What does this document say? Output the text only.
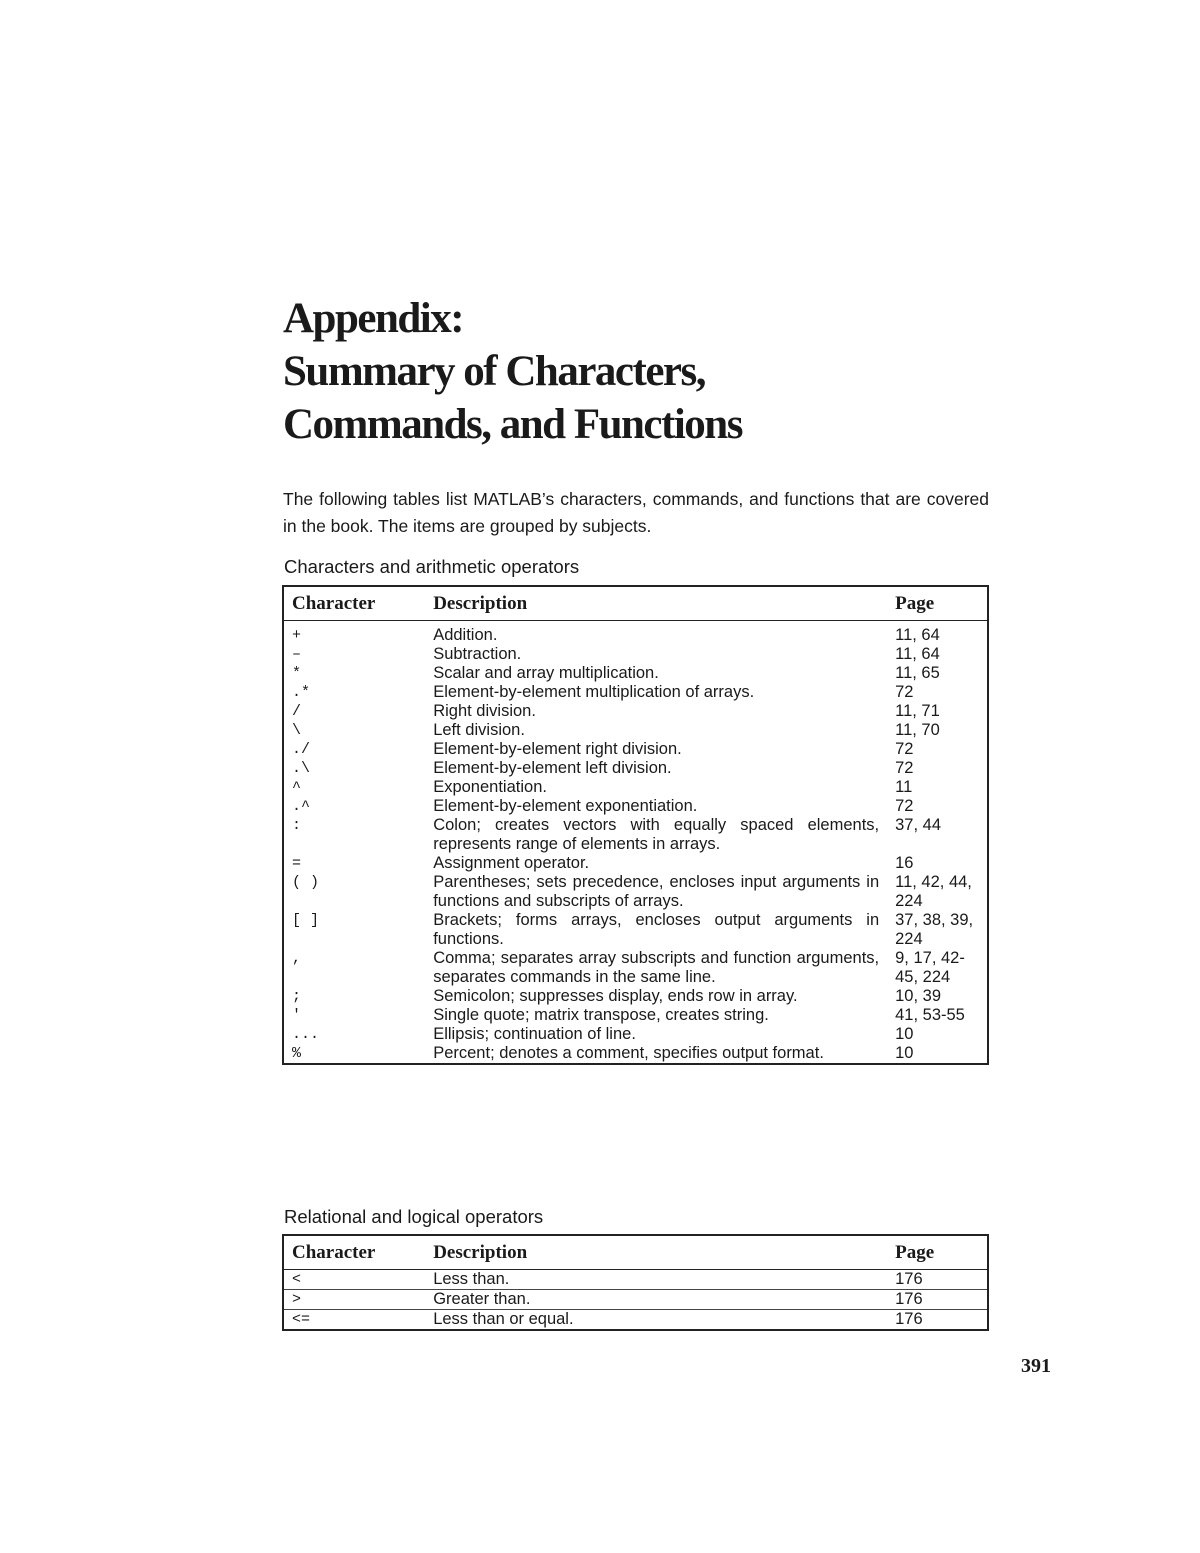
Appendix:
Summary of Characters,
Commands, and Functions

The following tables list MATLAB’s characters, commands, and functions that are covered in the book. The items are grouped by subjects.

Characters and arithmetic operators

Character	Description	Page
+	Addition.	11, 64
–	Subtraction.	11, 64
*	Scalar and array multiplication.	11, 65
.*	Element-by-element multiplication of arrays.	72
/	Right division.	11, 71
\	Left division.	11, 70
./	Element-by-element right division.	72
.\	Element-by-element left division.	72
^	Exponentiation.	11
.^	Element-by-element exponentiation.	72
:	Colon; creates vectors with equally spaced elements, represents range of elements in arrays.	37, 44
=	Assignment operator.	16
( )	Parentheses; sets precedence, encloses input arguments in functions and subscripts of arrays.	11, 42, 44, 224
[ ]	Brackets; forms arrays, encloses output arguments in functions.	37, 38, 39, 224
,	Comma; separates array subscripts and function arguments, separates commands in the same line.	9, 17, 42-45, 224
;	Semicolon; suppresses display, ends row in array.	10, 39
'	Single quote; matrix transpose, creates string.	41, 53-55
...	Ellipsis; continuation of line.	10
%	Percent; denotes a comment, specifies output format.	10

Relational and logical operators

Character	Description	Page
<	Less than.	176
>	Greater than.	176
<=	Less than or equal.	176

391
